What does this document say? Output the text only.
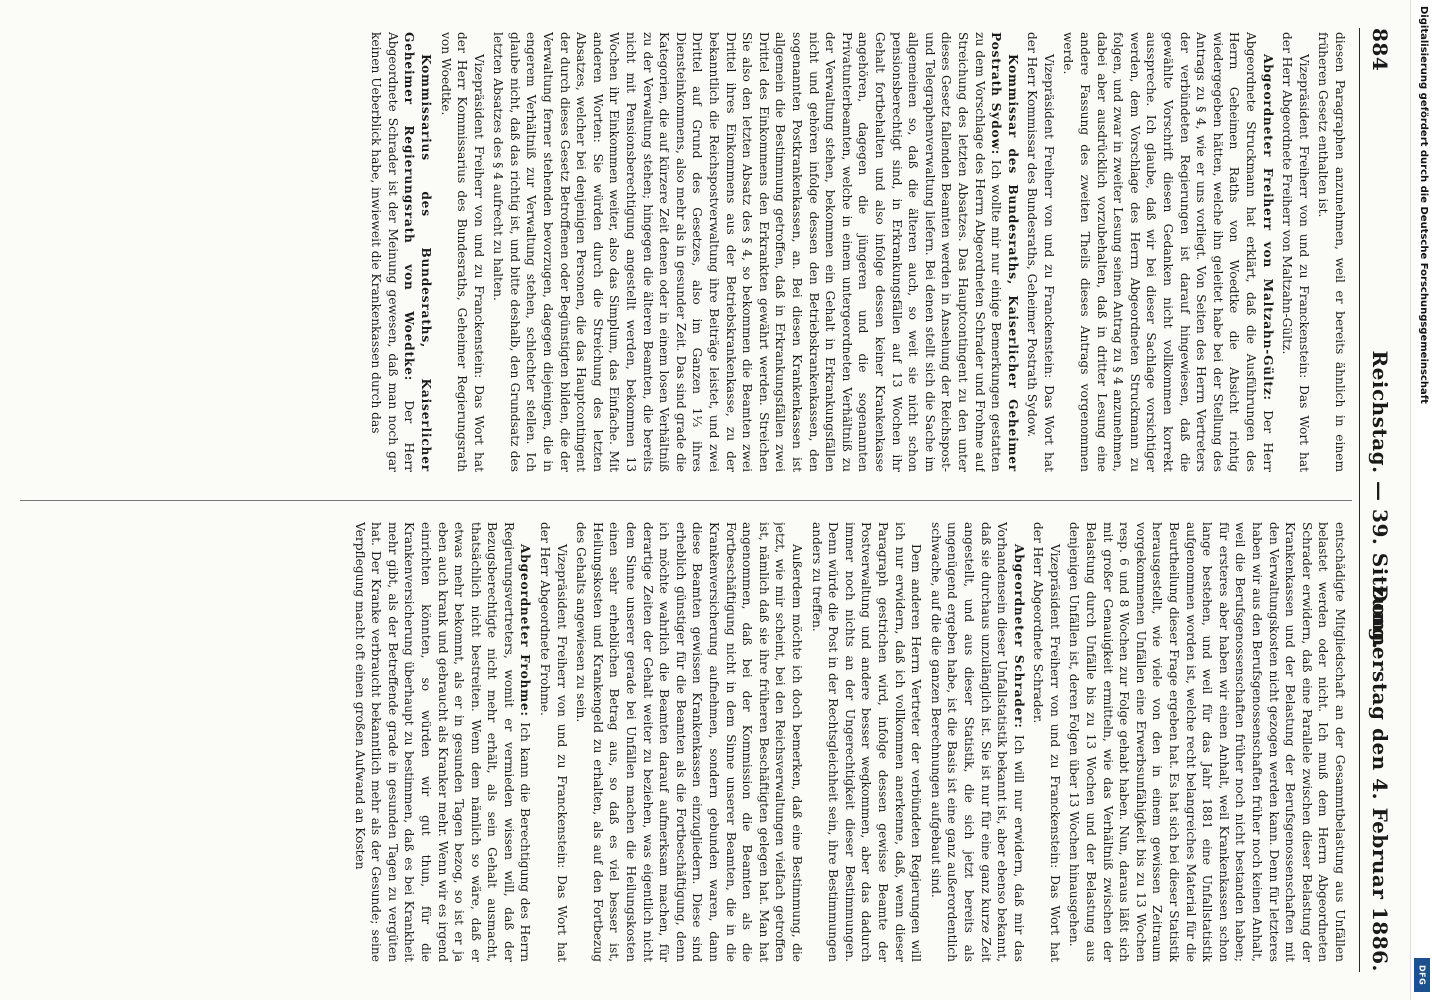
884
Reichstag. — 39. Sitzung.
Donnerstag den 4. Februar 1886.

diesen Paragraphen anzunehmen, weil er bereits ähnlich in einem früheren Gesetz enthalten ist.

Vizepräsident Freiherr von und zu Franckenstein: Das Wort hat der Herr Abgeordnete Freiherr von Maltzahn-Gültz.

Abgeordneter Freiherr von Maltzahn-Gültz: Der Herr Abgeordnete Struckmann hat erklärt, daß die Ausführungen des Herrn Geheimen Raths von Woedtke die Absicht richtig wiedergegeben hätten, welche ihn geleitet habe bei der Stellung des Antrags zu § 4, wie er uns vorliegt. Von Seiten des Herrn Vertreters der verbündeten Regierungen ist darauf hingewiesen, daß die gewählte Vorschrift diesen Gedanken nicht vollkommen korrekt ausspreche. Ich glaube, daß wir bei dieser Sachlage vorsichtiger werden, dem Vorschlage des Herrn Abgeordneten Struckmann zu folgen, und zwar in zweiter Lesung seinen Antrag zu § 4 anzunehmen, dabei aber ausdrücklich vorzubehalten, daß in dritter Lesung eine andere Fassung des zweiten Theils dieses Antrags vorgenommen werde.

Vizepräsident Freiherr von und zu Franckenstein: Das Wort hat der Herr Kommissar des Bundesraths, Geheimer Postrath Sydow.

Kommissar des Bundesraths, Kaiserlicher Geheimer Postrath Sydow: Ich wollte mir nur einige Bemerkungen gestatten zu dem Vorschlage des Herrn Abgeordneten Schrader und Frohme auf Streichung des letzten Absatzes. Das Hauptcontingent zu den unter dieses Gesetz fallenden Beamten werden in Ansehung der Reichspost- und Telegraphenverwaltung liefern. Bei denen stellt sich die Sache im allgemeinen so, daß die älteren auch, so weit sie nicht schon pensionsberechtigt sind, in Erkrankungsfällen auf 13 Wochen ihr Gehalt fortbehalten und also infolge dessen keiner Krankenkasse angehören, dagegen die jüngeren und die sogenannten Privatunterbeamten, welche in einem untergeordneten Verhältniß zu der Verwaltung stehen, bekommen ein Gehalt in Erkrankungsfällen nicht und gehören infolge dessen den Betriebskrankenkassen, den sogenannten Postkrankenkassen, an. Bei diesen Krankenkassen ist allgemein die Bestimmung getroffen, daß in Erkrankungsfällen zwei Drittel des Einkommens den Erkrankten gewährt werden. Streichen Sie also den letzten Absatz des § 4, so bekommen die Beamten zwei Drittel ihres Einkommens aus der Betriebskrankenkasse, zu der bekanntlich die Reichspostverwaltung ihre Beiträge leistet, und zwei Drittel auf Grund des Gesetzes, also im Ganzen 1⅓ ihres Diensteinkommens, also mehr als in gesunder Zeit. Das sind grade die Kategorien, die auf kürzere Zeit denen oder in einem losen Verhältniß zu der Verwaltung stehen; hingegen die älteren Beamten, die bereits nicht mit Pensionsberechtigung angestellt werden, bekommen 13 Wochen ihr Einkommen weiter, also das Simplum, das Einfache. Mit anderen Worten: Sie würden durch die Streichung des letzten Absatzes, welcher bei denjenigen Personen, die das Hauptcontingent der durch dieses Gesetz Betroffenen oder Begünstigten bilden, die der Verwaltung ferner stehenden bevorzugen, dagegen diejenigen, die in engerem Verhältniß zur Verwaltung stehen, schlechter stellen. Ich glaube nicht, daß das richtig ist, und bitte deshalb, den Grundsatz des letzten Absatzes des § 4 aufrecht zu halten.

Vizepräsident Freiherr von und zu Franckenstein: Das Wort hat der Herr Kommissarius des Bundesraths, Geheimer Regierungsrath von Woedtke.

Kommissarius des Bundesraths, Kaiserlicher Geheimer Regierungsrath von Woedtke: Der Herr Abgeordnete Schrader ist der Meinung gewesen, daß man noch gar keinen Ueberblick habe, inwieweit die Krankenkassen durch das

entschädigte Mitgliedschaft an der Gesammtbelastung aus Unfällen belastet werden oder nicht. Ich muß dem Herrn Abgeordneten Schrader erwidern, daß eine Parallele zwischen dieser Belastung der Krankenkassen und der Belastung der Berufsgenossenschaften mit den Verwaltungskosten nicht gezogen werden kann. Denn für letzteres haben wir aus den Berufsgenossenschaften früher noch keinen Anhalt, weil die Berufsgenossenschaften früher noch nicht bestanden haben; für ersteres aber haben wir einen Anhalt, weil Krankenkassen schon lange bestehen, und weil für das Jahr 1881 eine Unfallstatistik aufgenommen worden ist, welche recht belangreiches Material für die Beurtheilung dieser Frage ergeben hat. Es hat sich bei dieser Statistik herausgestellt, wie viele von den in einem gewissen Zeitraum vorgekommenen Unfällen eine Erwerbsunfähigkeit bis zu 13 Wochen resp. 6 und 8 Wochen zur Folge gehabt haben. Nun, daraus läßt sich mit großer Genauigkeit ermitteln, wie das Verhältniß zwischen der Belastung durch Unfälle bis zu 13 Wochen und der Belastung aus denjenigen Unfällen ist, deren Folgen über 13 Wochen hinausgehen.

Vizepräsident Freiherr von und zu Franckenstein: Das Wort hat der Herr Abgeordnete Schrader.

Abgeordneter Schrader: Ich will nur erwidern, daß mir das Vorhandensein dieser Unfallstatistik bekannt ist, aber ebenso bekannt, daß sie durchaus unzulänglich ist. Sie ist nur für eine ganz kurze Zeit angestellt, und aus dieser Statistik, die sich jetzt bereits als ungenügend ergeben habe, ist die Basis ist eine ganz außerordentlich schwache, auf die die ganzen Berechnungen aufgebaut sind.

Dem anderen Herrn Vertreter der verbündeten Regierungen will ich nur erwidern, daß ich vollkommen anerkenne, daß, wenn dieser Paragraph gestrichen wird, infolge dessen gewisse Beamte der Postverwaltung und andere besser wegkommen, aber das dadurch immer noch nichts an der Ungerechtigkeit dieser Bestimmungen. Denn würde die Post in der Rechtsgleichheit sein, ihre Bestimmungen anders zu treffen.

Außerdem möchte ich doch bemerken, daß eine Bestimmung, die jetzt, wie mir scheint, bei den Reichsverwaltungen vielfach getroffen ist, nämlich daß sie ihre früheren Beschäftigten gelegen hat. Man hat angenommen, daß bei der Kommission die Beamten als die Fortbeschäftigung nicht in dem Sinne unserer Beamten, die in die Krankenversicherung aufnehmen, sondern gebunden waren, dann diese Beamten gewissen Krankenkassen einzugliedern. Diese sind erheblich günstiger für die Beamten als die Fortbeschäftigung, denn ich möchte wahrlich die Beamten darauf aufmerksam machen, für derartige Zeiten der Gehalt weiter zu beziehen, was eigentlich nicht dem Sinne unserer gerade bei Unfällen machen die Heilungskosten einen sehr erheblichen Betrag aus, so daß es viel besser ist, Heilungskosten und Krankengeld zu erhalten, als auf den Fortbezug des Gehalts angewiesen zu sein.

Vizepräsident Freiherr von und zu Franckenstein: Das Wort hat der Herr Abgeordnete Frohme.

Abgeordneter Frohme: Ich kann die Berechtigung des Herrn Regierungsvertreters, womit er vermieden wissen will, daß der Bezugsberechtigte nicht mehr erhält, als sein Gehalt ausmacht, thatsächlich nicht bestreiten. Wenn dem nämlich so wäre, daß er etwas mehr bekommt, als er in gesunden Tagen bezog, so ist er ja eben auch krank und gebraucht als Kranker mehr. Wenn wir es irgend einrichten könnten, so würden wir gut thun, für die Krankenversicherung überhaupt zu bestimmen, daß es bei Krankheit mehr gibt, als der Betreffende grade in gesunden Tagen zu vergüten hat. Der Kranke verbraucht bekanntlich mehr als der Gesunde; seine Verpflegung macht oft einen großen Aufwand an Kosten

Digitalisierung gefördert durch die Deutsche Forschungsgemeinschaft
DFG
